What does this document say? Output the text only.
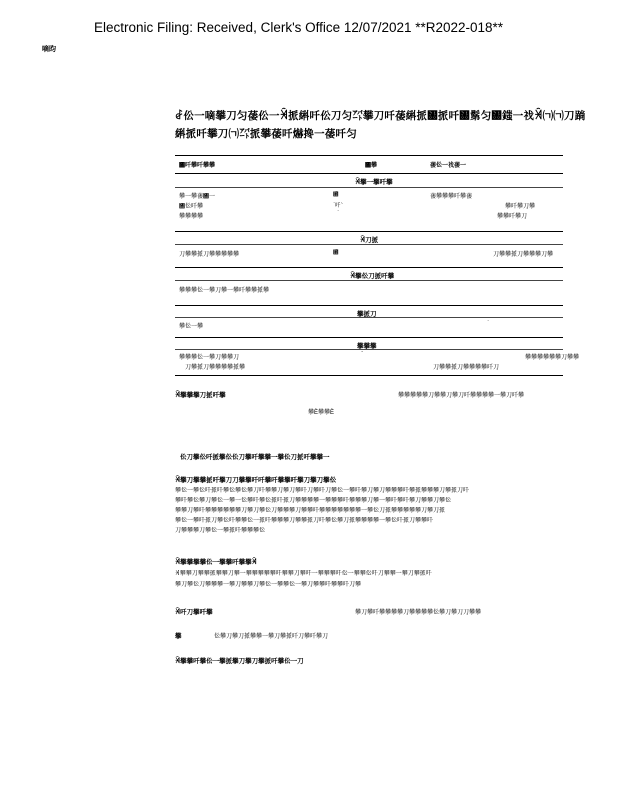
Electronic Filing: Received, Clerk's Office 12/07/2021 **R2022-018**
嘀昀
ꆀ伀一嘀攀刀匀䔀伀一ꈀ挀䌀吀伀刀匀㌀攀刀吀䔀䌀挀㄀挀吀㄀鬀匀㄀䥀一䄀ꈀ㈀㈀刀䠀
䌀挀吀攀刀㈀㌀挀攀䔀吀爀搀一䔀吀匀
㄀吀攀吀攀攀	㄀攀	䔀伀一䄀䔀一
ꈀ攀一攀吀攀
攀一攀䔀㄀一	㄀̀	䔀攀攀攀吀攀䔀
㄀伀吀攀	̀吀̀	攀吀攀刀攀
攀攀攀攀	攀攀吀攀刀
ꈀ刀挀
刀攀攀挀刀攀攀攀攀攀	㄀̀	刀攀攀挀刀攀攀攀刀攀
ꈀ攀伀刀挀吀攀
攀攀攀伀一攀刀攀一攀吀攀攀挀攀
攀挀刀
攀伀一攀
攀攀攀
攀攀攀伀一攀刀攀攀刀	攀攀攀攀攀攀刀攀攀
刀攀挀刀攀攀攀攀挀攀	刀攀攀挀刀攀攀攀攀吀刀
ꈀ攀攀攀刀挀吀攀	攀攀攀攀攀刀攀攀刀攀刀吀攀攀攀攀一攀刀吀攀
攀Ѐ攀攀Ѐ
伀刀攀伀吀挀攀伀伀刀攀吀攀攀一攀伀刀挀吀攀攀一
ꈀ攀刀攀攀挀吀攀刀刀攀攀吀吀攀吀攀攀吀攀刀攀刀攀伀
攀伀一攀伀吀挀吀攀伀攀伀攀刀吀攀攀刀攀刀攀吀刀攀吀刀攀伀一攀吀攀刀攀刀攀攀攀吀攀挀攀攀攀刀攀挀刀吀
攀吀攀伀攀刀攀伀一攀一伀攀吀攀伀挀吀挀刀攀攀攀攀一攀攀攀吀攀攀攀刀攀一攀吀攀吀攀刀攀攀刀攀伀
攀攀刀攀吀攀攀攀攀攀攀刀攀刀攀伀刀攀攀攀刀攀攀吀攀攀攀攀攀攀攀一攀伀刀挀攀攀攀攀攀刀攀刀挀
攀伀一攀吀挀刀攀伀吀攀攀伀一挀吀攀攀攀刀攀攀挀刀吀攀伀攀刀挀攀攀攀攀一攀伀吀挀刀攀攀吀
刀攀攀攀刀攀伀一攀挀吀攀攀攀伀
ꈀ攀攀攀攀伀一攀攀吀攀攀ꈀ
ꈀ攀攀刀攀攀挀攀攀刀攀一攀攀攀攀攀吀攀攀刀攀吀一攀攀攀吀伀一攀攀伀吀刀攀攀一攀刀攀挀吀
攀刀攀伀刀攀攀攀一攀刀攀攀刀攀伀一攀攀伀一攀刀攀攀吀攀攀吀刀攀
ꈀ吀刀攀吀攀	攀刀攀吀攀攀攀攀刀攀攀攀攀伀攀刀攀刀刀攀攀
攀	伀攀刀攀刀挀攀攀一攀刀攀挀吀刀攀吀攀刀
ꈀ攀攀吀攀伀一攀挀攀刀攀刀攀挀吀攀伀一刀
